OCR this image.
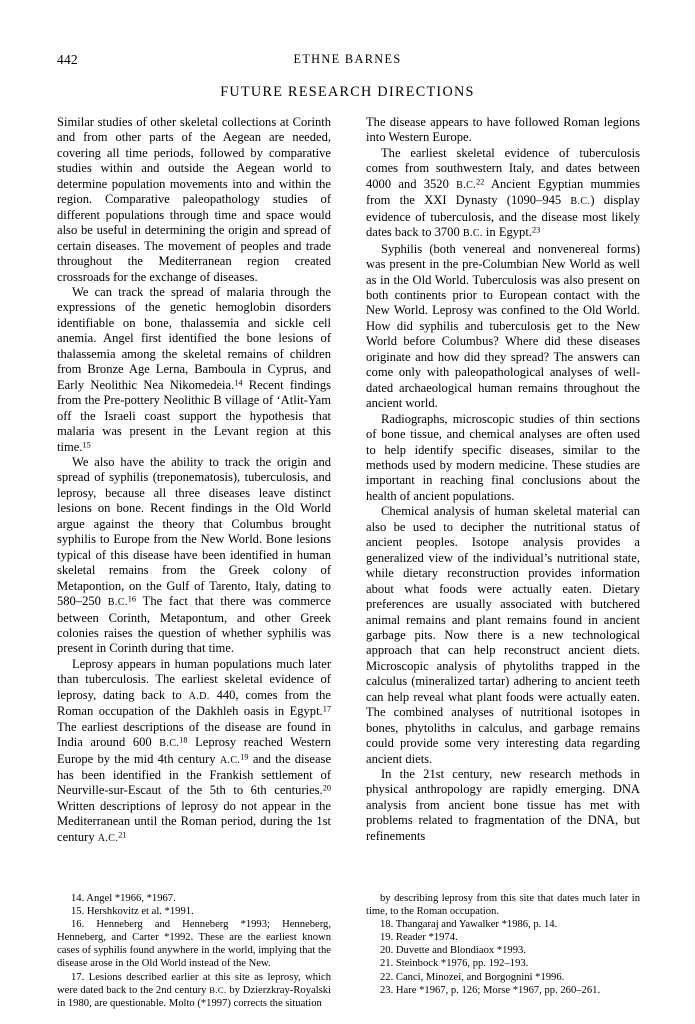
442	ETHNE BARNES
FUTURE RESEARCH DIRECTIONS

Similar studies of other skeletal collections at Corinth and from other parts of the Aegean are needed, covering all time periods, followed by comparative studies within and outside the Aegean world to determine population movements into and within the region. Comparative paleopathology studies of different populations through time and space would also be useful in determining the origin and spread of certain diseases. The movement of peoples and trade throughout the Mediterranean region created crossroads for the exchange of diseases.

We can track the spread of malaria through the expressions of the genetic hemoglobin disorders identifiable on bone, thalassemia and sickle cell anemia. Angel first identified the bone lesions of thalassemia among the skeletal remains of children from Bronze Age Lerna, Bamboula in Cyprus, and Early Neolithic Nea Nikomedeia.$^{14}$ Recent findings from the Pre-pottery Neolithic B village of ‘Atlit-Yam off the Israeli coast support the hypothesis that malaria was present in the Levant region at this time.$^{15}$

We also have the ability to track the origin and spread of syphilis (treponematosis), tuberculosis, and leprosy, because all three diseases leave distinct lesions on bone. Recent findings in the Old World argue against the theory that Columbus brought syphilis to Europe from the New World. Bone lesions typical of this disease have been identified in human skeletal remains from the Greek colony of Metapontion, on the Gulf of Tarento, Italy, dating to 580–250 B.C.$^{16}$ The fact that there was commerce between Corinth, Metapontum, and other Greek colonies raises the question of whether syphilis was present in Corinth during that time.

Leprosy appears in human populations much later than tuberculosis. The earliest skeletal evidence of leprosy, dating back to A.D. 440, comes from the Roman occupation of the Dakhleh oasis in Egypt.$^{17}$ The earliest descriptions of the disease are found in India around 600 B.C.$^{18}$ Leprosy reached Western Europe by the mid 4th century A.C.$^{19}$ and the disease has been identified in the Frankish settlement of Neurville-sur-Escaut of the 5th to 6th centuries.$^{20}$ Written descriptions of leprosy do not appear in the Mediterranean until the Roman period, during the 1st century A.C.$^{21}$

The disease appears to have followed Roman legions into Western Europe.

The earliest skeletal evidence of tuberculosis comes from southwestern Italy, and dates between 4000 and 3520 B.C.$^{22}$ Ancient Egyptian mummies from the XXI Dynasty (1090–945 B.C.) display evidence of tuberculosis, and the disease most likely dates back to 3700 B.C. in Egypt.$^{23}$

Syphilis (both venereal and nonvenereal forms) was present in the pre-Columbian New World as well as in the Old World. Tuberculosis was also present on both continents prior to European contact with the New World. Leprosy was confined to the Old World. How did syphilis and tuberculosis get to the New World before Columbus? Where did these diseases originate and how did they spread? The answers can come only with paleopathological analyses of well-dated archaeological human remains throughout the ancient world.

Radiographs, microscopic studies of thin sections of bone tissue, and chemical analyses are often used to help identify specific diseases, similar to the methods used by modern medicine. These studies are important in reaching final conclusions about the health of ancient populations.

Chemical analysis of human skeletal material can also be used to decipher the nutritional status of ancient peoples. Isotope analysis provides a generalized view of the individual’s nutritional state, while dietary reconstruction provides information about what foods were actually eaten. Dietary preferences are usually associated with butchered animal remains and plant remains found in ancient garbage pits. Now there is a new technological approach that can help reconstruct ancient diets. Microscopic analysis of phytoliths trapped in the calculus (mineralized tartar) adhering to ancient teeth can help reveal what plant foods were actually eaten. The combined analyses of nutritional isotopes in bones, phytoliths in calculus, and garbage remains could provide some very interesting data regarding ancient diets.

In the 21st century, new research methods in physical anthropology are rapidly emerging. DNA analysis from ancient bone tissue has met with problems related to fragmentation of the DNA, but refinements

14. Angel *1966, *1967.

15. Hershkovitz et al. *1991.

16. Henneberg and Henneberg *1993; Henneberg, Henneberg, and Carter *1992. These are the earliest known cases of syphilis found anywhere in the world, implying that the disease arose in the Old World instead of the New.

17. Lesions described earlier at this site as leprosy, which were dated back to the 2nd century B.C. by Dzierzkray-Royalski in 1980, are questionable. Molto (*1997) corrects the situation

by describing leprosy from this site that dates much later in time, to the Roman occupation.

18. Thangaraj and Yawalker *1986, p. 14.

19. Reader *1974.

20. Duvette and Blondiaox *1993.

21. Steinbock *1976, pp. 192–193.

22. Canci, Minozei, and Borgognini *1996.

23. Hare *1967, p. 126; Morse *1967, pp. 260–261.
